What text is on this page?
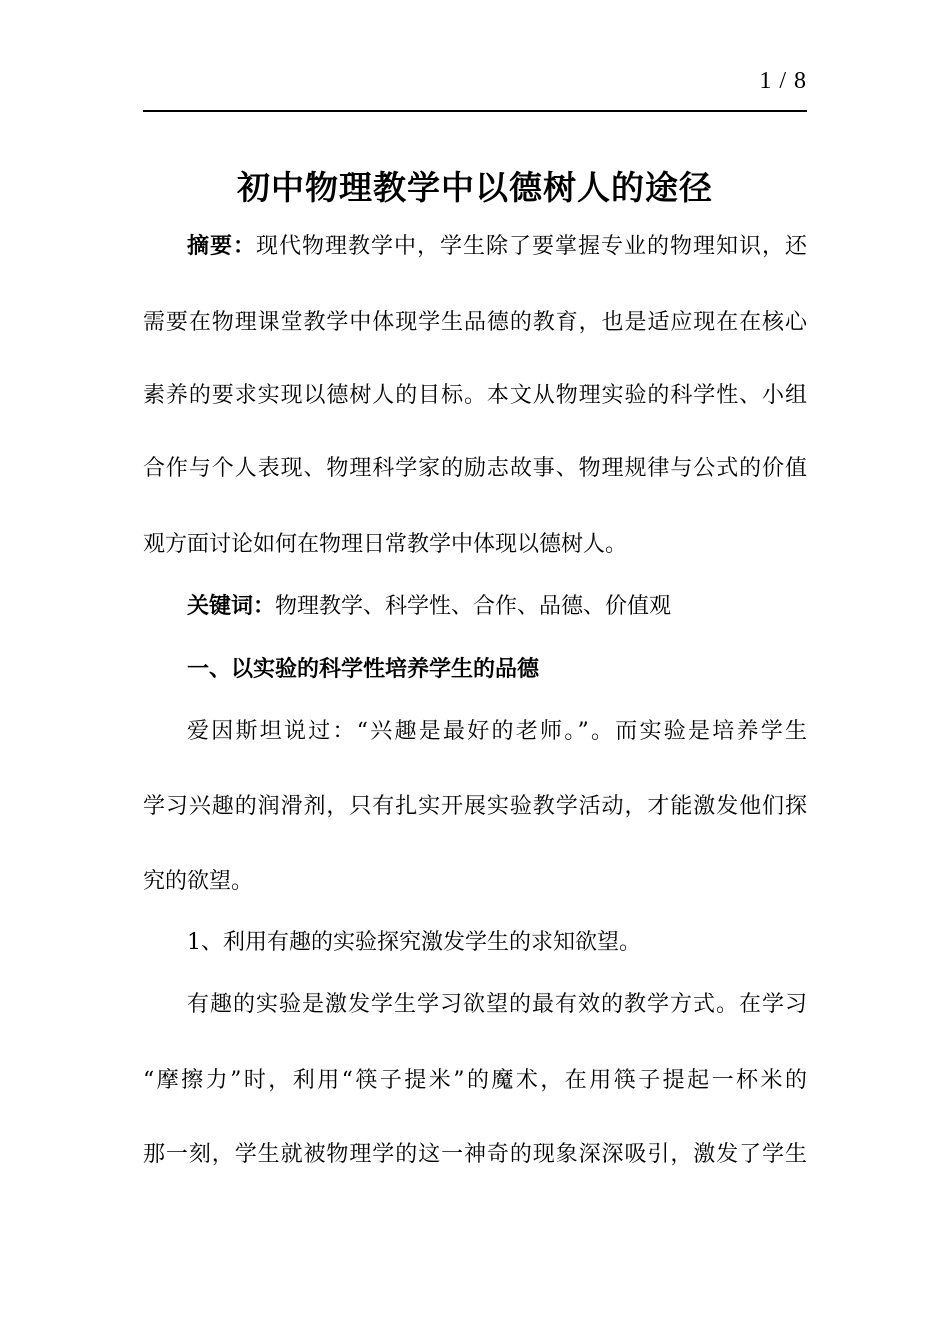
1 / 8
初中物理教学中以德树人的途径
摘要：现代物理教学中，学生除了要掌握专业的物理知识，还
需要在物理课堂教学中体现学生品德的教育，也是适应现在在核心
素养的要求实现以德树人的目标。本文从物理实验的科学性、小组
合作与个人表现、物理科学家的励志故事、物理规律与公式的价值
观方面讨论如何在物理日常教学中体现以德树人。
关键词：物理教学、科学性、合作、品德、价值观
一、以实验的科学性培养学生的品德
爱因斯坦说过：“兴趣是最好的老师。”。而实验是培养学生
学习兴趣的润滑剂，只有扎实开展实验教学活动，才能激发他们探
究的欲望。
1、利用有趣的实验探究激发学生的求知欲望。
有趣的实验是激发学生学习欲望的最有效的教学方式。在学习
“摩擦力”时，利用“筷子提米”的魔术，在用筷子提起一杯米的
那一刻，学生就被物理学的这一神奇的现象深深吸引，激发了学生
